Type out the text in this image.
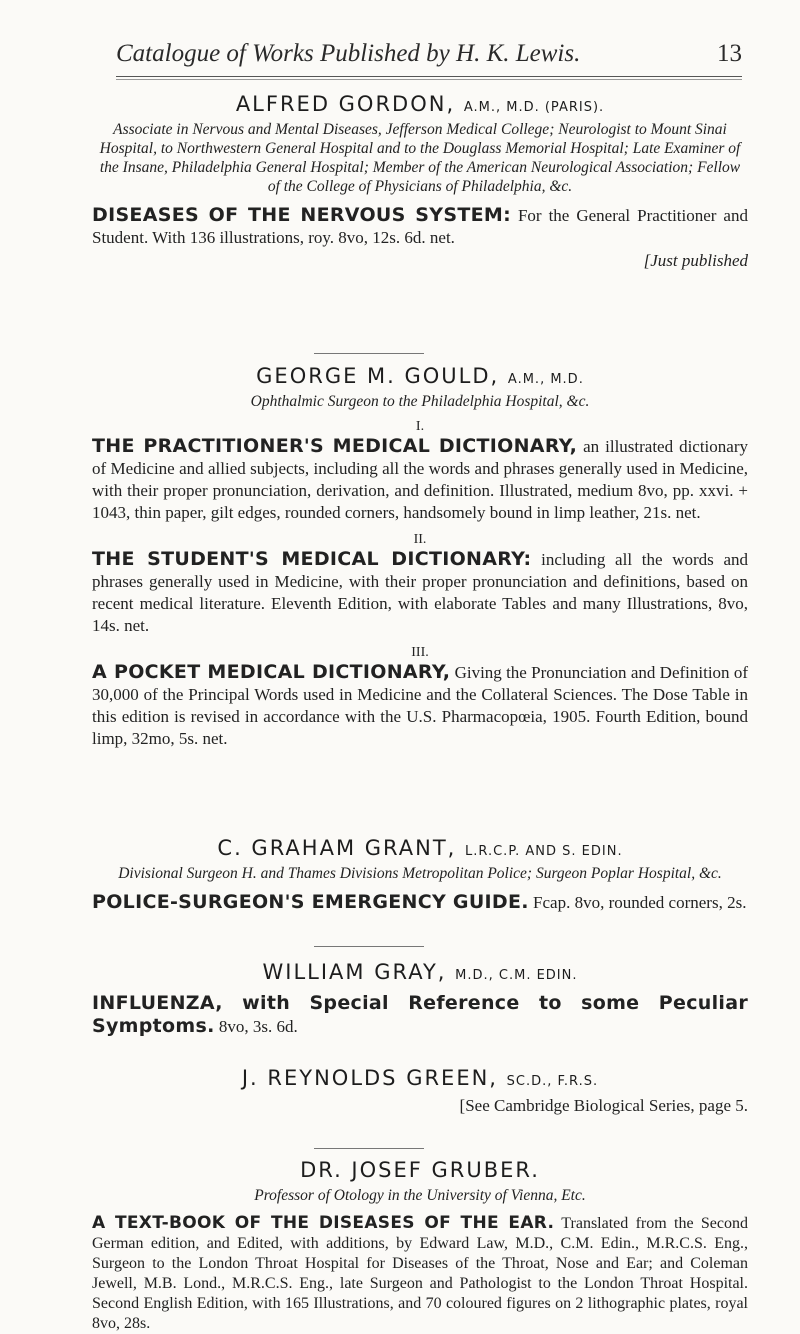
Catalogue of Works Published by H. K. Lewis.	13
ALFRED GORDON, A.M., M.D. (PARIS).
Associate in Nervous and Mental Diseases, Jefferson Medical College; Neurologist to Mount Sinai Hospital, to Northwestern General Hospital and to the Douglass Memorial Hospital; Late Examiner of the Insane, Philadelphia General Hospital; Member of the American Neurological Association; Fellow of the College of Physicians of Philadelphia, &c.
DISEASES OF THE NERVOUS SYSTEM: For the General Practitioner and Student. With 136 illustrations, roy. 8vo, 12s. 6d. net.
[Just published
GEORGE M. GOULD, A.M., M.D.
Ophthalmic Surgeon to the Philadelphia Hospital, &c.
I.
THE PRACTITIONER'S MEDICAL DICTIONARY, an illustrated dictionary of Medicine and allied subjects, including all the words and phrases generally used in Medicine, with their proper pronunciation, derivation, and definition. Illustrated, medium 8vo, pp. xxvi. + 1043, thin paper, gilt edges, rounded corners, handsomely bound in limp leather, 21s. net.
II.
THE STUDENT'S MEDICAL DICTIONARY: including all the words and phrases generally used in Medicine, with their proper pronunciation and definitions, based on recent medical literature. Eleventh Edition, with elaborate Tables and many Illustrations, 8vo, 14s. net.
III.
A POCKET MEDICAL DICTIONARY, Giving the Pronunciation and Definition of 30,000 of the Principal Words used in Medicine and the Collateral Sciences. The Dose Table in this edition is revised in accordance with the U.S. Pharmacopœia, 1905. Fourth Edition, bound limp, 32mo, 5s. net.
C. GRAHAM GRANT, L.R.C.P. AND S. EDIN.
Divisional Surgeon H. and Thames Divisions Metropolitan Police; Surgeon Poplar Hospital, &c.
POLICE-SURGEON'S EMERGENCY GUIDE. Fcap. 8vo, rounded corners, 2s.
WILLIAM GRAY, M.D., C.M. EDIN.
INFLUENZA, with Special Reference to some Peculiar Symptoms. 8vo, 3s. 6d.
J. REYNOLDS GREEN, SC.D., F.R.S.
[See Cambridge Biological Series, page 5.
DR. JOSEF GRUBER.
Professor of Otology in the University of Vienna, Etc.
A TEXT-BOOK OF THE DISEASES OF THE EAR. Translated from the Second German edition, and Edited, with additions, by Edward Law, M.D., C.M. Edin., M.R.C.S. Eng., Surgeon to the London Throat Hospital for Diseases of the Throat, Nose and Ear; and Coleman Jewell, M.B. Lond., M.R.C.S. Eng., late Surgeon and Pathologist to the London Throat Hospital. Second English Edition, with 165 Illustrations, and 70 coloured figures on 2 lithographic plates, royal 8vo, 28s.
